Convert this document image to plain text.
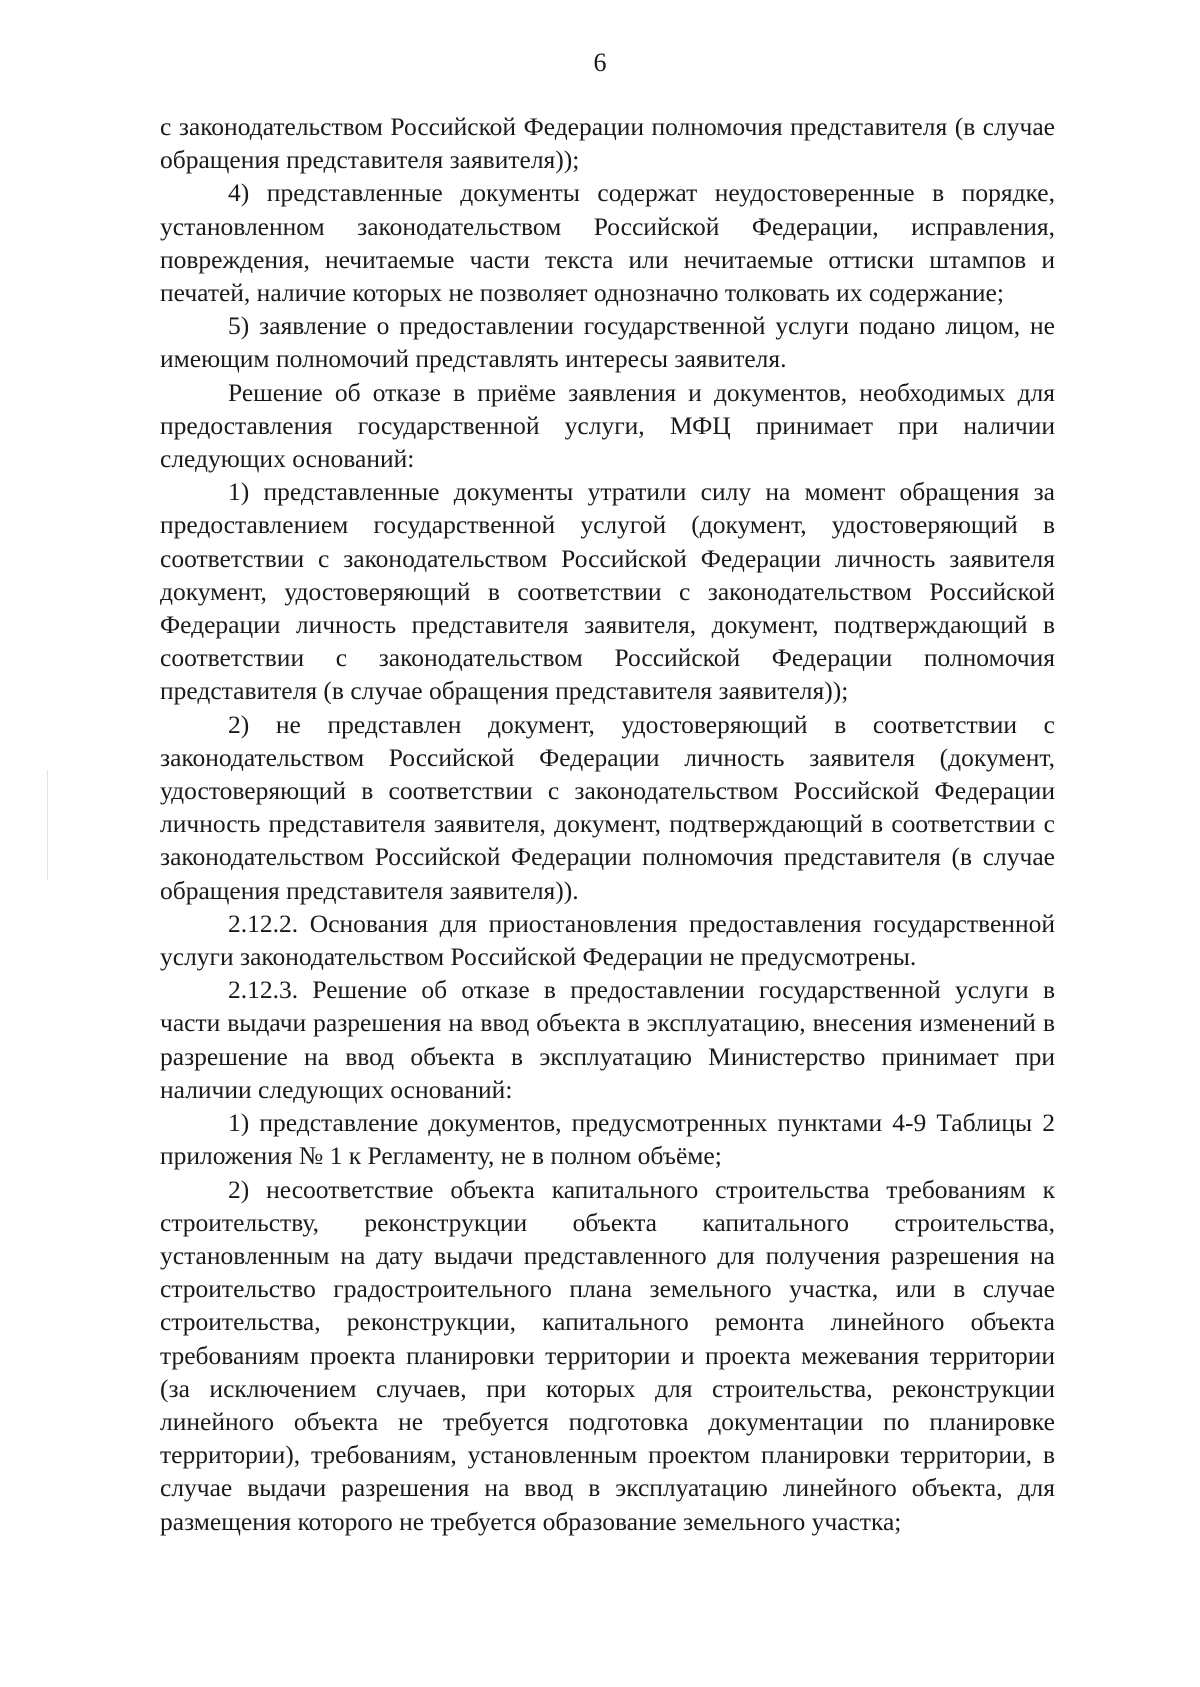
6

с законодательством Российской Федерации полномочия представителя (в случае обращения представителя заявителя));

4) представленные документы содержат неудостоверенные в порядке, установленном законодательством Российской Федерации, исправления, повреждения, нечитаемые части текста или нечитаемые оттиски штампов и печатей, наличие которых не позволяет однозначно толковать их содержание;

5) заявление о предоставлении государственной услуги подано лицом, не имеющим полномочий представлять интересы заявителя.

Решение об отказе в приёме заявления и документов, необходимых для предоставления государственной услуги, МФЦ принимает при наличии следующих оснований:

1) представленные документы утратили силу на момент обращения за предоставлением государственной услугой (документ, удостоверяющий в соответствии с законодательством Российской Федерации личность заявителя документ, удостоверяющий в соответствии с законодательством Российской Федерации личность представителя заявителя, документ, подтверждающий в соответствии с законодательством Российской Федерации полномочия представителя (в случае обращения представителя заявителя));

2) не представлен документ, удостоверяющий в соответствии с законодательством Российской Федерации личность заявителя (документ, удостоверяющий в соответствии с законодательством Российской Федерации личность представителя заявителя, документ, подтверждающий в соответствии с законодательством Российской Федерации полномочия представителя (в случае обращения представителя заявителя)).

2.12.2. Основания для приостановления предоставления государственной услуги законодательством Российской Федерации не предусмотрены.

2.12.3. Решение об отказе в предоставлении государственной услуги в части выдачи разрешения на ввод объекта в эксплуатацию, внесения изменений в разрешение на ввод объекта в эксплуатацию Министерство принимает при наличии следующих оснований:

1) представление документов, предусмотренных пунктами 4-9 Таблицы 2 приложения № 1 к Регламенту, не в полном объёме;

2) несоответствие объекта капитального строительства требованиям к строительству, реконструкции объекта капитального строительства, установленным на дату выдачи представленного для получения разрешения на строительство градостроительного плана земельного участка, или в случае строительства, реконструкции, капитального ремонта линейного объекта требованиям проекта планировки территории и проекта межевания территории (за исключением случаев, при которых для строительства, реконструкции линейного объекта не требуется подготовка документации по планировке территории), требованиям, установленным проектом планировки территории, в случае выдачи разрешения на ввод в эксплуатацию линейного объекта, для размещения которого не требуется образование земельного участка;
